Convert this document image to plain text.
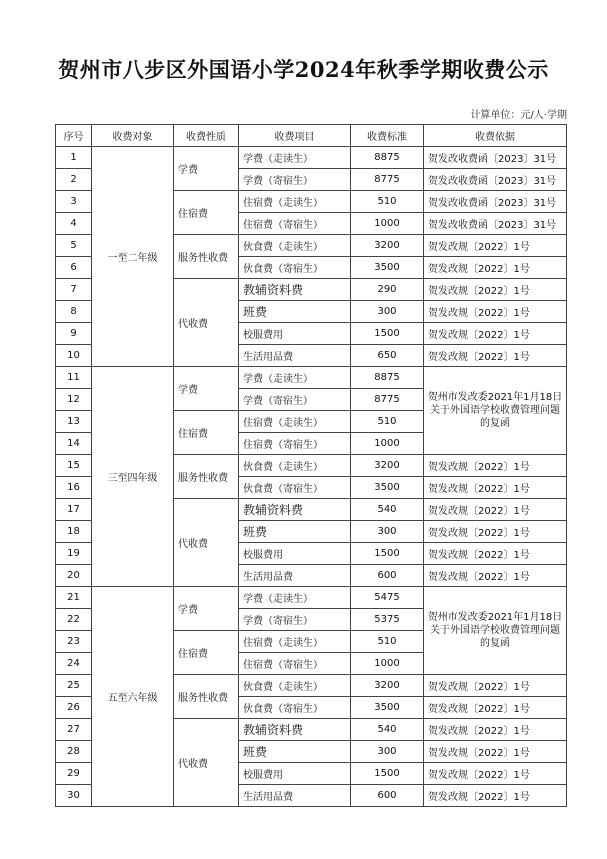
贺州市八步区外国语小学2024年秋季学期收费公示
计算单位：元/人·学期
序号	收费对象	收费性质	收费项目	收费标准	收费依据
1	一至二年级	学费	学费（走读生）	8875	贺发改收费函〔2023〕31号
2			学费（寄宿生）	8775	贺发改收费函〔2023〕31号
3		住宿费	住宿费（走读生）	510	贺发改收费函〔2023〕31号
4			住宿费（寄宿生）	1000	贺发改收费函〔2023〕31号
5		服务性收费	伙食费（走读生）	3200	贺发改规〔2022〕1号
6			伙食费（寄宿生）	3500	贺发改规〔2022〕1号
7		代收费	教辅资料费	290	贺发改规〔2022〕1号
8			班费	300	贺发改规〔2022〕1号
9			校服费用	1500	贺发改规〔2022〕1号
10			生活用品费	650	贺发改规〔2022〕1号
11	三至四年级	学费	学费（走读生）	8875	贺州市发改委2021年1月18日关于外国语学校收费管理问题的复函
12			学费（寄宿生）	8775	
13		住宿费	住宿费（走读生）	510	
14			住宿费（寄宿生）	1000	
15		服务性收费	伙食费（走读生）	3200	贺发改规〔2022〕1号
16			伙食费（寄宿生）	3500	贺发改规〔2022〕1号
17		代收费	教辅资料费	540	贺发改规〔2022〕1号
18			班费	300	贺发改规〔2022〕1号
19			校服费用	1500	贺发改规〔2022〕1号
20			生活用品费	600	贺发改规〔2022〕1号
21	五至六年级	学费	学费（走读生）	5475	贺州市发改委2021年1月18日关于外国语学校收费管理问题的复函
22			学费（寄宿生）	5375	
23		住宿费	住宿费（走读生）	510	
24			住宿费（寄宿生）	1000	
25		服务性收费	伙食费（走读生）	3200	贺发改规〔2022〕1号
26			伙食费（寄宿生）	3500	贺发改规〔2022〕1号
27		代收费	教辅资料费	540	贺发改规〔2022〕1号
28			班费	300	贺发改规〔2022〕1号
29			校服费用	1500	贺发改规〔2022〕1号
30			生活用品费	600	贺发改规〔2022〕1号
